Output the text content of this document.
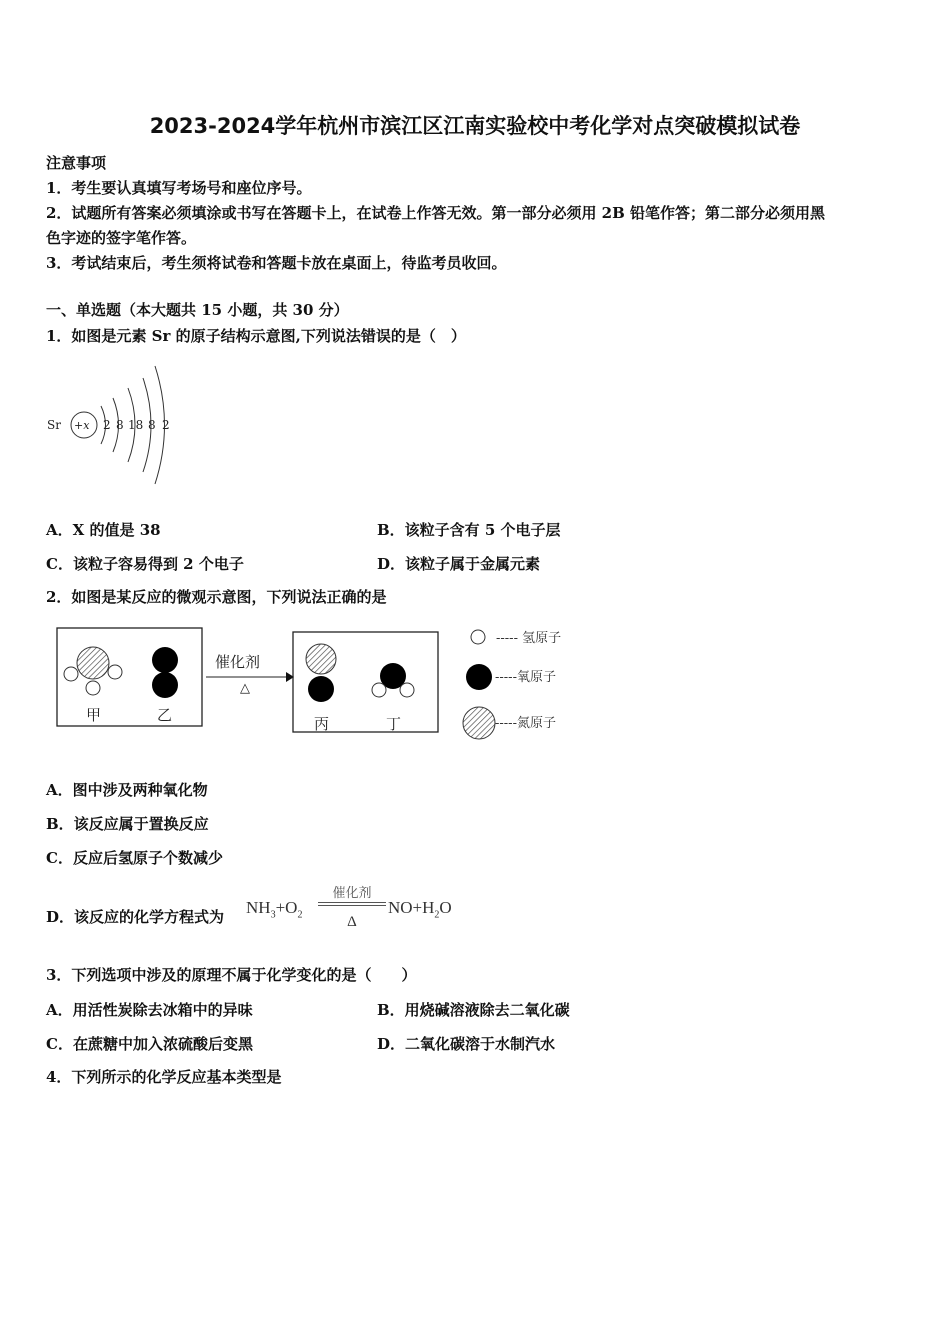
2023-2024学年杭州市滨江区江南实验校中考化学对点突破模拟试卷
注意事项
1．考生要认真填写考场号和座位序号。
2．试题所有答案必须填涂或书写在答题卡上，在试卷上作答无效。第一部分必须用 2B 铅笔作答；第二部分必须用黑
色字迹的签字笔作答。
3．考试结束后，考生须将试卷和答题卡放在桌面上，待监考员收回。
一、单选题（本大题共 15 小题，共 30 分）
1．如图是元素 Sr 的原子结构示意图,下列说法错误的是（　）
Sr +x 2 8 18 8 2
A．X 的值是 38	B．该粒子含有 5 个电子层
C．该粒子容易得到 2 个电子	D．该粒子属于金属元素
2．如图是某反应的微观示意图，下列说法正确的是
甲	乙
催化剂
△
丙	丁
----- 氢原子
-----氧原子
-----氮原子
A．图中涉及两种氧化物
B．该反应属于置换反应
C．反应后氢原子个数减少
D．该反应的化学方程式为 $NH_3+O_2$
催化剂
Δ
$NO+H_2O$
3．下列选项中涉及的原理不属于化学变化的是（　　）
A．用活性炭除去冰箱中的异味	B．用烧碱溶液除去二氧化碳
C．在蔗糖中加入浓硫酸后变黑	D．二氧化碳溶于水制汽水
4．下列所示的化学反应基本类型是
